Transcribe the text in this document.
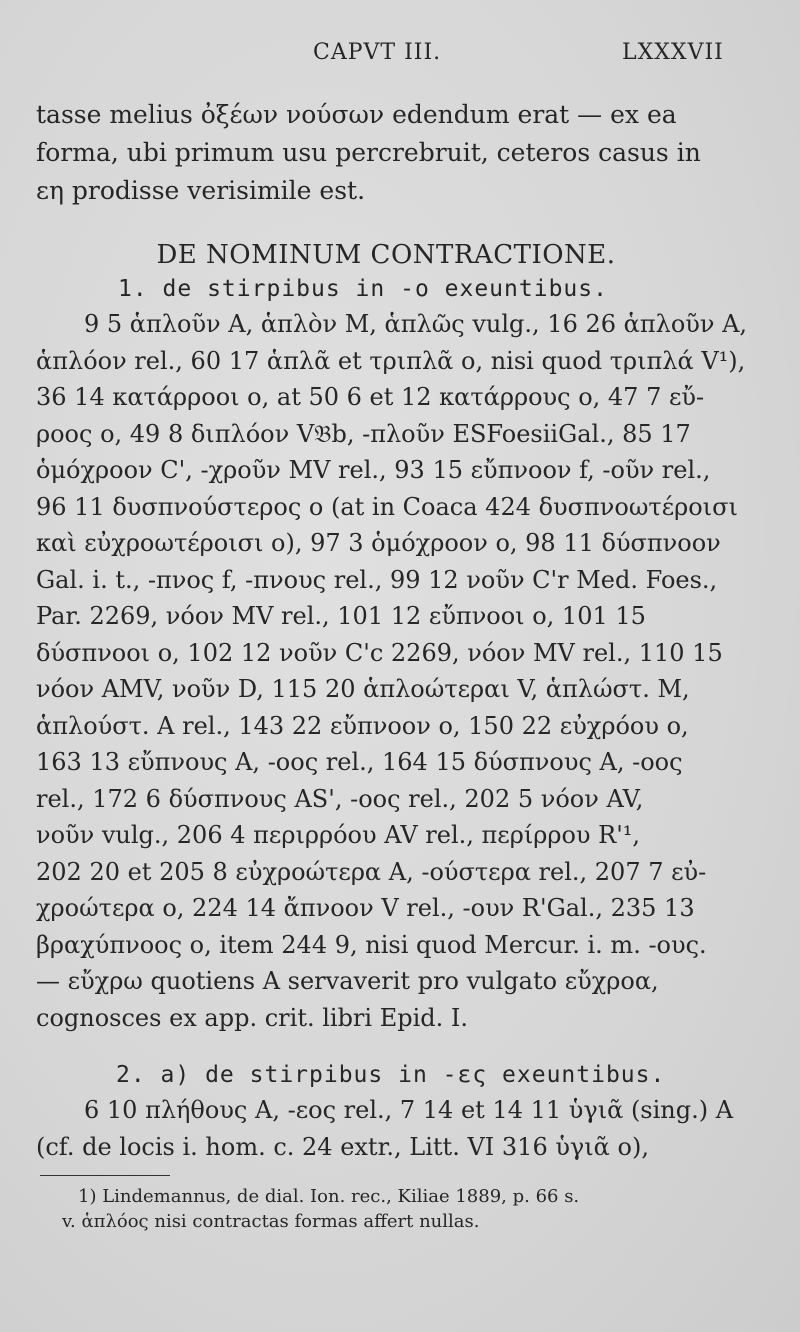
CAPVT III.	LXXXVII

tasse melius ὀξέων νούσων edendum erat — ex ea

forma, ubi primum usu percrebruit, ceteros casus in

εη prodisse verisimile est.

DE NOMINUM CONTRACTIONE.
1. de stirpibus in -ο exeuntibus.

9 5 ἁπλοῦν A, ἁπλὸν M, ἁπλῶς vulg., 16 26 ἁπλοῦν A,

ἁπλόον rel., 60 17 ἁπλᾶ et τριπλᾶ o, nisi quod τριπλά V¹),

36 14 κατάρροοι o, at 50 6 et 12 κατάρρους o, 47 7 εὔ-

ροος o, 49 8 διπλόον V𝔅b, -πλοῦν ESFoesiiGal., 85 17

ὁμόχροον C', -χροῦν MV rel., 93 15 εὔπνοον f, -οῦν rel.,

96 11 δυσπνούστερος o (at in Coaca 424 δυσπνοωτέροισι

καὶ εὐχροωτέροισι o), 97 3 ὁμόχροον o, 98 11 δύσπνοον

Gal. i. t., -πνος f, -πνους rel., 99 12 νοῦν C'r Med. Foes.,

Par. 2269, νόον MV rel., 101 12 εὔπνοοι o, 101 15

δύσπνοοι o, 102 12 νοῦν C'c 2269, νόον MV rel., 110 15

νόον AMV, νοῦν D, 115 20 ἁπλοώτεραι V, ἁπλώστ. M,

ἁπλούστ. A rel., 143 22 εὔπνοον o, 150 22 εὐχρόου o,

163 13 εὔπνους A, -οος rel., 164 15 δύσπνους A, -οος

rel., 172 6 δύσπνους AS', -οος rel., 202 5 νόον AV,

νοῦν vulg., 206 4 περιρρόου AV rel., περίρρου R'¹,

202 20 et 205 8 εὐχροώτερα A, -ούστερα rel., 207 7 εὐ-

χροώτερα o, 224 14 ἄπνοον V rel., -ουν R'Gal., 235 13

βραχύπνοος o, item 244 9, nisi quod Mercur. i. m. -ους.

— εὔχρω quotiens A servaverit pro vulgato εὔχροα,

cognosces ex app. crit. libri Epid. I.

2. a) de stirpibus in -ες exeuntibus.

6 10 πλήθους A, -εος rel., 7 14 et 14 11 ὑγιᾶ (sing.) A

(cf. de locis i. hom. c. 24 extr., Litt. VI 316 ὑγιᾶ o),

1) Lindemannus, de dial. Ion. rec., Kiliae 1889, p. 66 s.

v. ἁπλόος nisi contractas formas affert nullas.
